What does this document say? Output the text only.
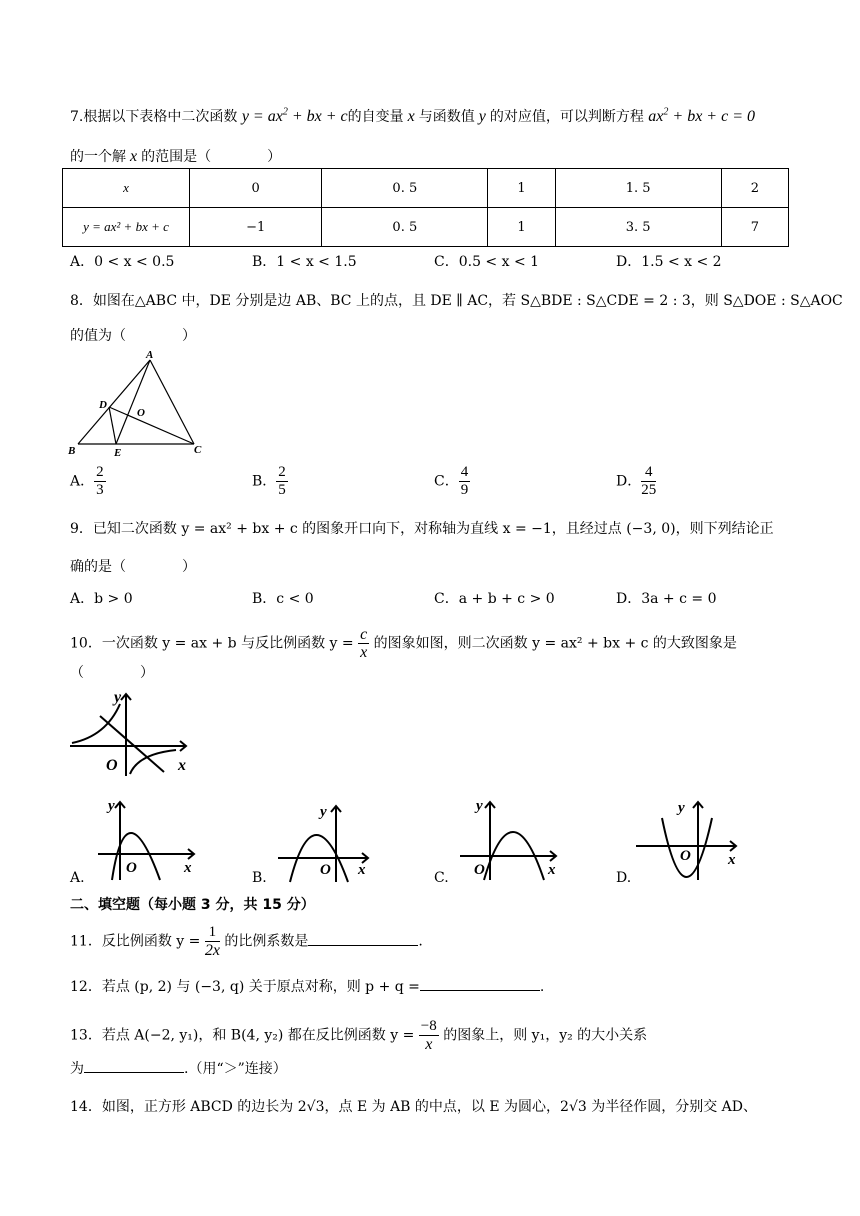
7.根据以下表格中二次函数 $y = ax^2$ + bx + c的自变量 x 与函数值 y 的对应值，可以判断方程 $ax^2$ + bx + c = 0
的一个解 x 的范围是（　　　　）
x	0	0. 5	1	1. 5	2
y = ax² + bx + c	−1	0. 5	1	3. 5	7
A．0 < x < 0.5	B．1 < x < 1.5	C．0.5 < x < 1	D．1.5 < x < 2
8．如图在△ABC 中，DE 分别是边 AB、BC 上的点，且 DE ∥ AC，若 S△BDE : S△CDE = 2 : 3，则 S△DOE : S△AOC
的值为（　　　　）
A
D
O
B	E	C
A． $\frac{2}{3}$	B． $\frac{2}{5}$	C． $\frac{4}{9}$	D． $\frac{4}{25}$
9．已知二次函数 y = ax² + bx + c 的图象开口向下，对称轴为直线 x = −1，且经过点 (−3, 0)，则下列结论正
确的是（　　　　）
A．b > 0	B．c < 0	C．a + b + c > 0	D．3a + c = 0
10．一次函数 y = ax + b 与反比例函数 $y = \frac{c}{x}$ 的图象如图，则二次函数 y = ax² + bx + c 的大致图象是
（　　　　）
y
x
O
y
x
O
A.
y
x
O
B.
y
x
O
C.
y
x
O
D.
二、填空题（每小题 3 分，共 15 分）
11．反比例函数 $y = \frac{1}{2x}$ 的比例系数是	.
12．若点 (p, 2) 与 (−3, q) 关于原点对称，则 p + q =	.
13．若点 A(−2, y₁)，和 B(4, y₂) 都在反比例函数 $y = \frac{-8}{x}$ 的图象上，则 y₁，y₂ 的大小关系
为	.（用“＞”连接）
14．如图，正方形 ABCD 的边长为 2√3，点 E 为 AB 的中点，以 E 为圆心，2√3 为半径作圆，分别交 AD、
